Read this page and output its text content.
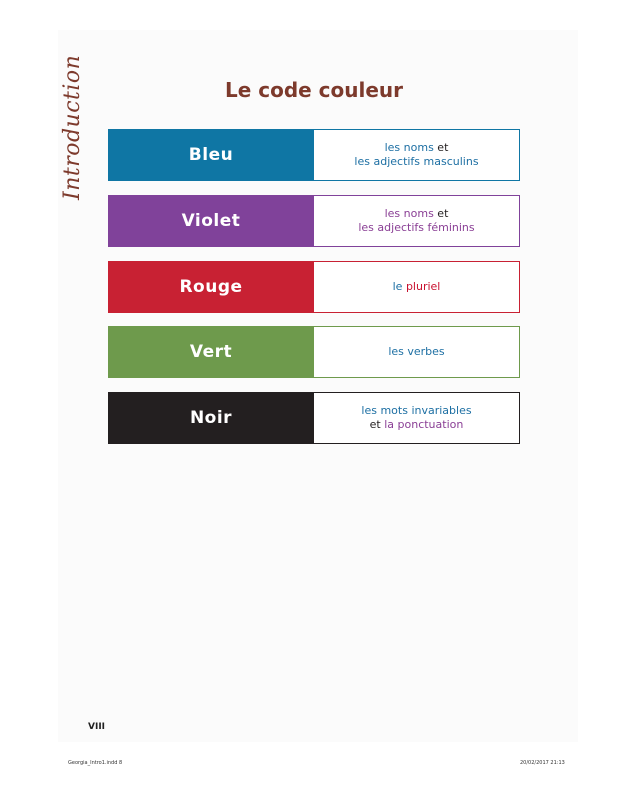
Introduction	Le code couleur
Bleu	les noms et
les adjectifs masculins
Violet	les noms et
les adjectifs féminins
Rouge	le pluriel
Vert	les verbes
Noir	les mots invariables
et la ponctuation
VIII
Georgia_Intro1.indd 8	20/02/2017 21:13
